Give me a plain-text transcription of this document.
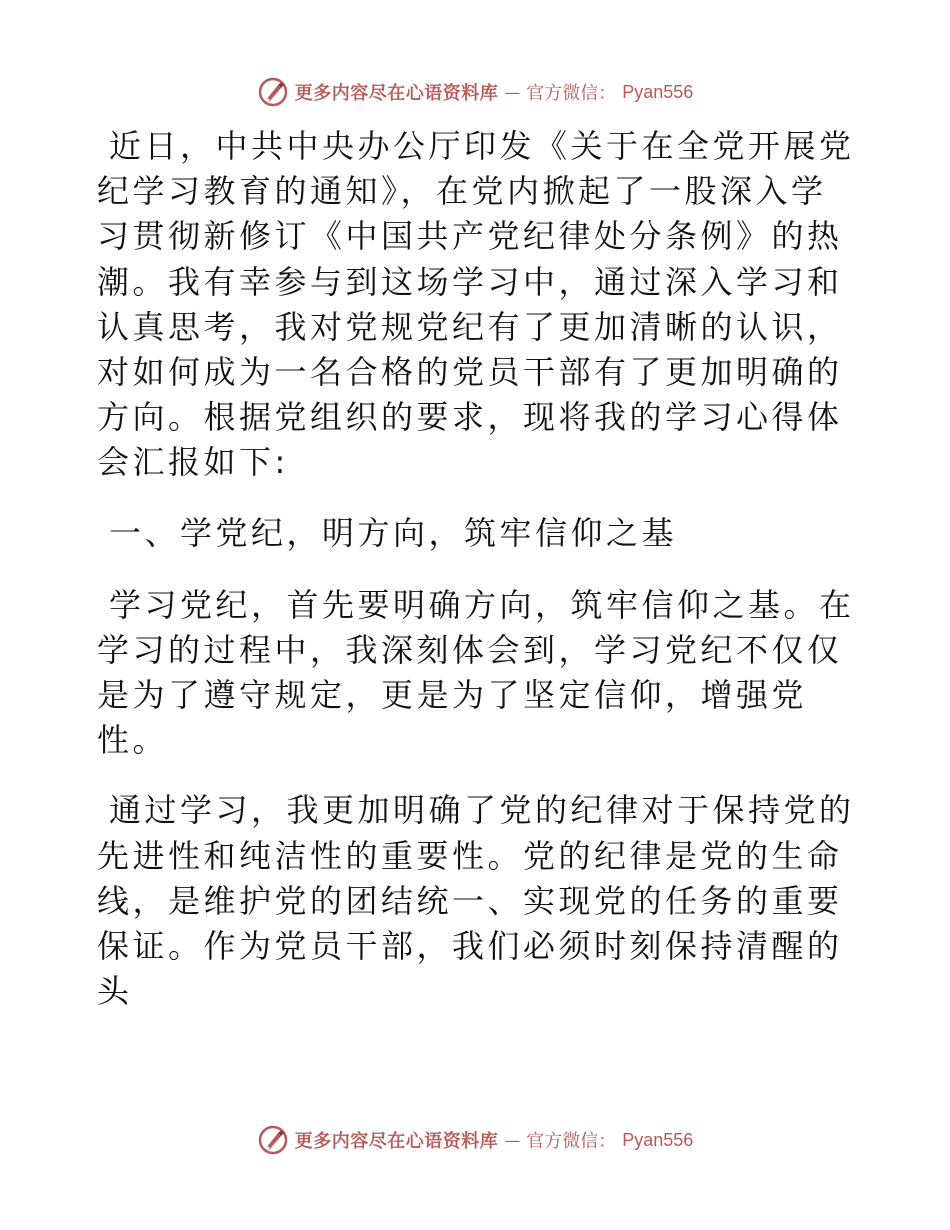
更多内容尽在心语资料库 — 官方微信： Pyan556

近日，中共中央办公厅印发《关于在全党开展党纪学习教育的通知》，在党内掀起了一股深入学习贯彻新修订《中国共产党纪律处分条例》的热潮。我有幸参与到这场学习中，通过深入学习和认真思考，我对党规党纪有了更加清晰的认识，对如何成为一名合格的党员干部有了更加明确的方向。根据党组织的要求，现将我的学习心得体会汇报如下:

一、学党纪，明方向，筑牢信仰之基

学习党纪，首先要明确方向，筑牢信仰之基。在学习的过程中，我深刻体会到，学习党纪不仅仅是为了遵守规定，更是为了坚定信仰，增强党性。

通过学习，我更加明确了党的纪律对于保持党的先进性和纯洁性的重要性。党的纪律是党的生命线，是维护党的团结统一、实现党的任务的重要保证。作为党员干部，我们必须时刻保持清醒的头

更多内容尽在心语资料库 — 官方微信： Pyan556
